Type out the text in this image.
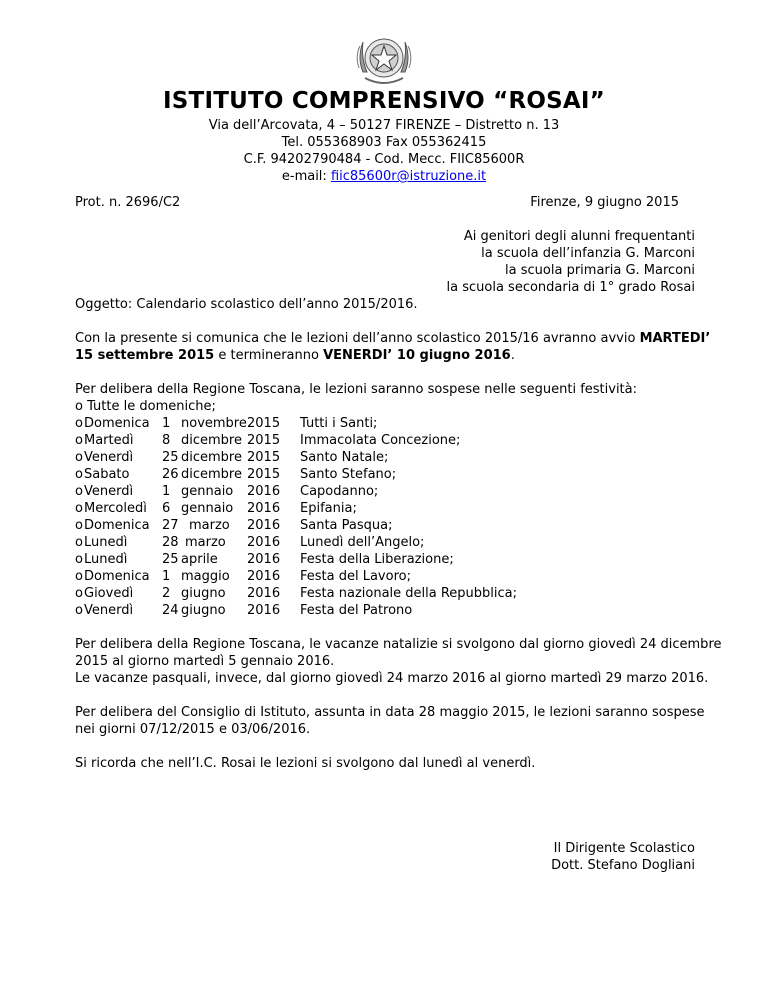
ISTITUTO COMPRENSIVO “ROSAI”
Via dell’Arcovata, 4 – 50127 FIRENZE – Distretto n. 13
Tel. 055368903 Fax 055362415
C.F. 94202790484 - Cod. Mecc. FIIC85600R
e-mail: fiic85600r@istruzione.it
Prot. n. 2696/C2	Firenze, 9 giugno 2015
Ai genitori degli alunni frequentanti
la scuola dell’infanzia G. Marconi
la scuola primaria G. Marconi
la scuola secondaria di 1° grado Rosai
Oggetto: Calendario scolastico dell’anno 2015/2016.
Con la presente si comunica che le lezioni dell’anno scolastico 2015/16 avranno avvio MARTEDI’
15 settembre 2015 e termineranno VENERDI’ 10 giugno 2016.
Per delibera della Regione Toscana, le lezioni saranno sospese nelle seguenti festività:
o Tutte le domeniche;
o Domenica 1 novembre 2015 Tutti i Santi;
o Martedì 8 dicembre 2015 Immacolata Concezione;
o Venerdì 25 dicembre 2015 Santo Natale;
o Sabato	26 dicembre 2015 Santo Stefano;
o Venerdì 1 gennaio 2016 Capodanno;
o Mercoledì 6 gennaio 2016 Epifania;
o Domenica 27 marzo 2016 Santa Pasqua;
o Lunedì	28 marzo 2016 Lunedì dell’Angelo;
o Lunedì	25 aprile 2016 Festa della Liberazione;
o Domenica 1 maggio 2016 Festa del Lavoro;
o Giovedì 2 giugno 2016 Festa nazionale della Repubblica;
o Venerdì 24 giugno 2016 Festa del Patrono
Per delibera della Regione Toscana, le vacanze natalizie si svolgono dal giorno giovedì 24 dicembre
2015 al giorno martedì 5 gennaio 2016.
Le vacanze pasquali, invece, dal giorno giovedì 24 marzo 2016 al giorno martedì 29 marzo 2016.
Per delibera del Consiglio di Istituto, assunta in data 28 maggio 2015, le lezioni saranno sospese
nei giorni 07/12/2015 e 03/06/2016.
Si ricorda che nell’I.C. Rosai le lezioni si svolgono dal lunedì al venerdì.
Il Dirigente Scolastico
Dott. Stefano Dogliani
